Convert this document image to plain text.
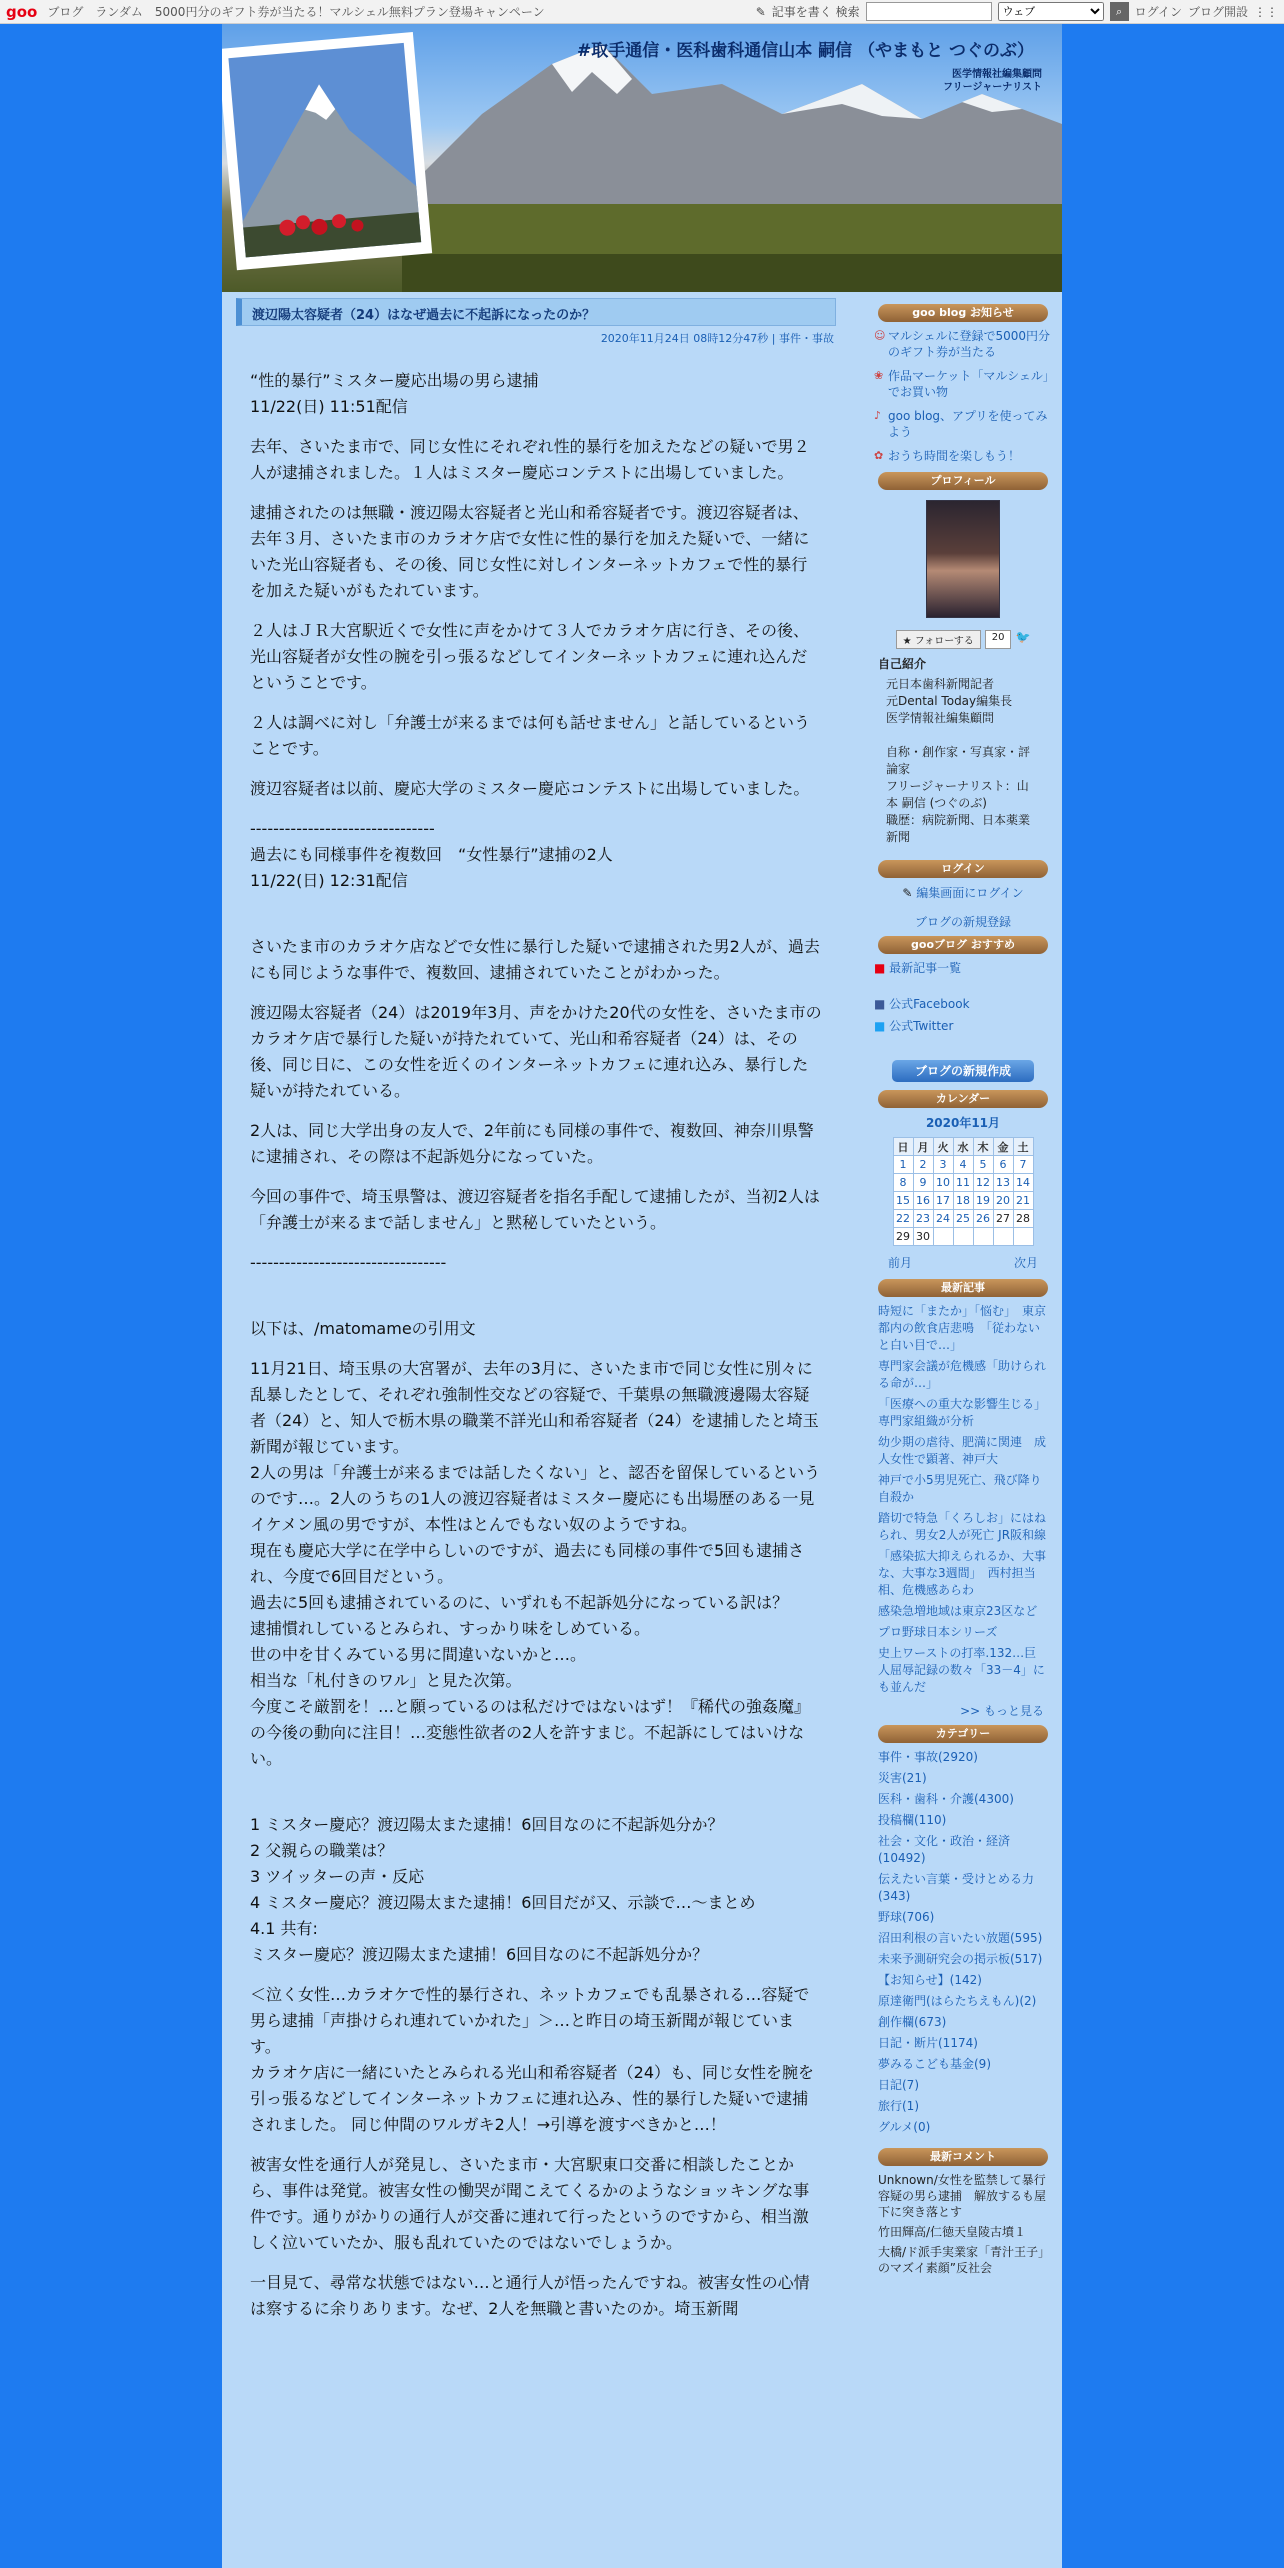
goo ブログ ランダム 5000円分のギフト券が当たる！マルシェル無料プラン登場キャンペーン	✎ 記事を書く 検索
ウェブ	⌕	ログイン ブログ開設 ⋮⋮
#取手通信・医科歯科通信山本 嗣信 （やまもと つぐのぶ）
医学情報社編集顧問
フリージャーナリスト
渡辺陽太容疑者（24）はなぜ過去に不起訴になったのか？
2020年11月24日 08時12分47秒 | 事件・事故
“性的暴行”ミスター慶応出場の男ら逮捕
11/22(日) 11:51配信
去年、さいたま市で、同じ女性にそれぞれ性的暴行を加えたなどの疑いで男２人が逮捕されました。１人はミスター慶応コンテストに出場していました。
逮捕されたのは無職・渡辺陽太容疑者と光山和希容疑者です。渡辺容疑者は、去年３月、さいたま市のカラオケ店で女性に性的暴行を加えた疑いで、一緒にいた光山容疑者も、その後、同じ女性に対しインターネットカフェで性的暴行を加えた疑いがもたれています。
２人はＪＲ大宮駅近くで女性に声をかけて３人でカラオケ店に行き、その後、光山容疑者が女性の腕を引っ張るなどしてインターネットカフェに連れ込んだということです。
２人は調べに対し「弁護士が来るまでは何も話せません」と話しているということです。
渡辺容疑者は以前、慶応大学のミスター慶応コンテストに出場していました。
--------------------------------
過去にも同様事件を複数回　“女性暴行”逮捕の2人
11/22(日) 12:31配信

さいたま市のカラオケ店などで女性に暴行した疑いで逮捕された男2人が、過去にも同じような事件で、複数回、逮捕されていたことがわかった。
渡辺陽太容疑者（24）は2019年3月、声をかけた20代の女性を、さいたま市のカラオケ店で暴行した疑いが持たれていて、光山和希容疑者（24）は、その後、同じ日に、この女性を近くのインターネットカフェに連れ込み、暴行した疑いが持たれている。
2人は、同じ大学出身の友人で、2年前にも同様の事件で、複数回、神奈川県警に逮捕され、その際は不起訴処分になっていた。
今回の事件で、埼玉県警は、渡辺容疑者を指名手配して逮捕したが、当初2人は「弁護士が来るまで話しません」と黙秘していたという。
----------------------------------

以下は、/matomameの引用文
11月21日、埼玉県の大宮署が、去年の3月に、さいたま市で同じ女性に別々に乱暴したとして、それぞれ強制性交などの容疑で、千葉県の無職渡邊陽太容疑者（24）と、知人で栃木県の職業不詳光山和希容疑者（24）を逮捕したと埼玉新聞が報じています。
2人の男は「弁護士が来るまでは話したくない」と、認否を留保しているというのです…。2人のうちの1人の渡辺容疑者はミスター慶応にも出場歴のある一見イケメン風の男ですが、本性はとんでもない奴のようですね。
現在も慶応大学に在学中らしいのですが、過去にも同様の事件で5回も逮捕され、今度で6回目だという。
過去に5回も逮捕されているのに、いずれも不起訴処分になっている訳は？
逮捕慣れしているとみられ、すっかり味をしめている。
世の中を甘くみている男に間違いないかと…。
相当な「札付きのワル」と見た次第。
今度こそ厳罰を！…と願っているのは私だけではないはず！『稀代の強姦魔』の今後の動向に注目！…変態性欲者の2人を許すまじ。不起訴にしてはいけない。

1 ミスター慶応？渡辺陽太また逮捕！6回目なのに不起訴処分か？
2 父親らの職業は？
3 ツイッターの声・反応
4 ミスター慶応？渡辺陽太また逮捕！6回目だが又、示談で…～まとめ
4.1 共有:
ミスター慶応？渡辺陽太また逮捕！6回目なのに不起訴処分か？
＜泣く女性…カラオケで性的暴行され、ネットカフェでも乱暴される…容疑で男ら逮捕「声掛けられ連れていかれた」＞…と昨日の埼玉新聞が報じています。
カラオケ店に一緒にいたとみられる光山和希容疑者（24）も、同じ女性を腕を引っ張るなどしてインターネットカフェに連れ込み、性的暴行した疑いで逮捕されました。 同じ仲間のワルガキ2人！→引導を渡すべきかと…！
被害女性を通行人が発見し、さいたま市・大宮駅東口交番に相談したことから、事件は発覚。被害女性の慟哭が聞こえてくるかのようなショッキングな事件です。通りがかりの通行人が交番に連れて行ったというのですから、相当激しく泣いていたか、服も乱れていたのではないでしょうか。
一目見て、尋常な状態ではない…と通行人が悟ったんですね。被害女性の心情は察するに余りあります。なぜ、2人を無職と書いたのか。埼玉新聞
goo blog お知らせ
☺ マルシェルに登録で5000円分のギフト券が当たる
❀ 作品マーケット「マルシェル」でお買い物
♪ goo blog、アプリを使ってみよう
✿ おうち時間を楽しもう！
プロフィール
★ フォローする	20 🐦
自己紹介
元日本歯科新聞記者
元Dental Today編集長
医学情報社編集顧問

自称・創作家・写真家・評論家
フリージャーナリスト：山本 嗣信 (つぐのぶ)
職歴：病院新聞、日本薬業新聞
ログイン
✎ 編集画面にログイン
ブログの新規登録
gooブログ おすすめ
■ 最新記事一覧
■ 公式Facebook
■ 公式Twitter
ブログの新規作成
カレンダー
2020年11月
日	月	火	水	木	金	土
1	2	3	4	5	6	7
8	9	10	11	12	13	14
15	16	17	18	19	20	21
22	23	24	25	26	27	28
29	30					
前月	次月
最新記事
時短に「またか」「悩む」　東京都内の飲食店悲鳴　「従わないと白い目で…」
専門家会議が危機感「助けられる命が…」
「医療への重大な影響生じる」　専門家組織が分析
幼少期の虐待、肥満に関連　成人女性で顕著、神戸大
神戸で小5男児死亡、飛び降り自殺か
踏切で特急「くろしお」にはねられ、男女2人が死亡 JR阪和線
「感染拡大抑えられるか、大事な、大事な3週間」　西村担当相、危機感あらわ
感染急増地域は東京23区など
プロ野球日本シリーズ
史上ワーストの打率.132…巨人屈辱記録の数々「33－4」にも並んだ
>> もっと見る
カテゴリー
事件・事故(2920)
災害(21)
医科・歯科・介護(4300)
投稿欄(110)
社会・文化・政治・経済(10492)
伝えたい言葉・受けとめる力(343)
野球(706)
沼田利根の言いたい放題(595)
未来予測研究会の掲示板(517)
【お知らせ】(142)
原達衛門(はらたちえもん)(2)
創作欄(673)
日記・断片(1174)
夢みるこども基金(9)
日記(7)
旅行(1)
グルメ(0)
最新コメント
Unknown/女性を監禁して暴行　容疑の男ら逮捕　解放するも屋下に突き落とす
竹田輝高/仁徳天皇陵古墳１
大橋/ド派手実業家「青汁王子」のマズイ素顔”反社会
